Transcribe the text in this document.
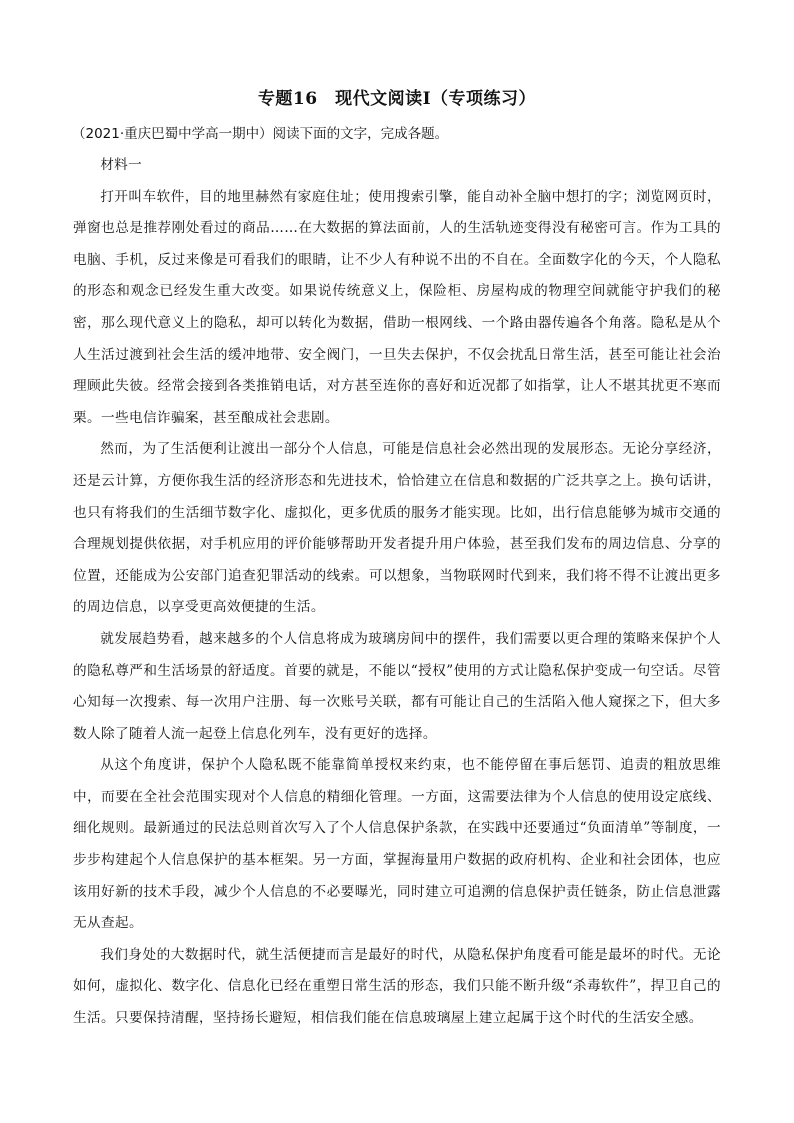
专题16　现代文阅读Ⅰ（专项练习）
（2021·重庆巴蜀中学高一期中）阅读下面的文字，完成各题。

材料一

打开叫车软件，目的地里赫然有家庭住址；使用搜索引擎，能自动补全脑中想打的字；浏览网页时，弹窗也总是推荐刚处看过的商品……在大数据的算法面前，人的生活轨迹变得没有秘密可言。作为工具的电脑、手机，反过来像是可看我们的眼睛，让不少人有种说不出的不自在。全面数字化的今天，个人隐私的形态和观念已经发生重大改变。如果说传统意义上，保险柜、房屋构成的物理空间就能守护我们的秘密，那么现代意义上的隐私，却可以转化为数据，借助一根网线、一个路由器传遍各个角落。隐私是从个人生活过渡到社会生活的缓冲地带、安全阀门，一旦失去保护，不仅会扰乱日常生活，甚至可能让社会治理顾此失彼。经常会接到各类推销电话，对方甚至连你的喜好和近况都了如指掌，让人不堪其扰更不寒而栗。一些电信诈骗案，甚至酿成社会悲剧。

然而，为了生活便利让渡出一部分个人信息，可能是信息社会必然出现的发展形态。无论分享经济，还是云计算，方便你我生活的经济形态和先进技术，恰恰建立在信息和数据的广泛共享之上。换句话讲，也只有将我们的生活细节数字化、虚拟化，更多优质的服务才能实现。比如，出行信息能够为城市交通的合理规划提供依据，对手机应用的评价能够帮助开发者提升用户体验，甚至我们发布的周边信息、分享的位置，还能成为公安部门追查犯罪活动的线索。可以想象，当物联网时代到来，我们将不得不让渡出更多的周边信息，以享受更高效便捷的生活。

就发展趋势看，越来越多的个人信息将成为玻璃房间中的摆件，我们需要以更合理的策略来保护个人的隐私尊严和生活场景的舒适度。首要的就是，不能以“授权”使用的方式让隐私保护变成一句空话。尽管心知每一次搜索、每一次用户注册、每一次账号关联，都有可能让自己的生活陷入他人窥探之下，但大多数人除了随着人流一起登上信息化列车，没有更好的选择。

从这个角度讲，保护个人隐私既不能靠简单授权来约束，也不能停留在事后惩罚、追责的粗放思维中，而要在全社会范围实现对个人信息的精细化管理。一方面，这需要法律为个人信息的使用设定底线、细化规则。最新通过的民法总则首次写入了个人信息保护条款，在实践中还要通过“负面清单”等制度，一步步构建起个人信息保护的基本框架。另一方面，掌握海量用户数据的政府机构、企业和社会团体，也应该用好新的技术手段，减少个人信息的不必要曝光，同时建立可追溯的信息保护责任链条，防止信息泄露无从查起。

我们身处的大数据时代，就生活便捷而言是最好的时代，从隐私保护角度看可能是最坏的时代。无论如何，虚拟化、数字化、信息化已经在重塑日常生活的形态，我们只能不断升级“杀毒软件”，捍卫自己的生活。只要保持清醒，坚持扬长避短，相信我们能在信息玻璃屋上建立起属于这个时代的生活安全感。
